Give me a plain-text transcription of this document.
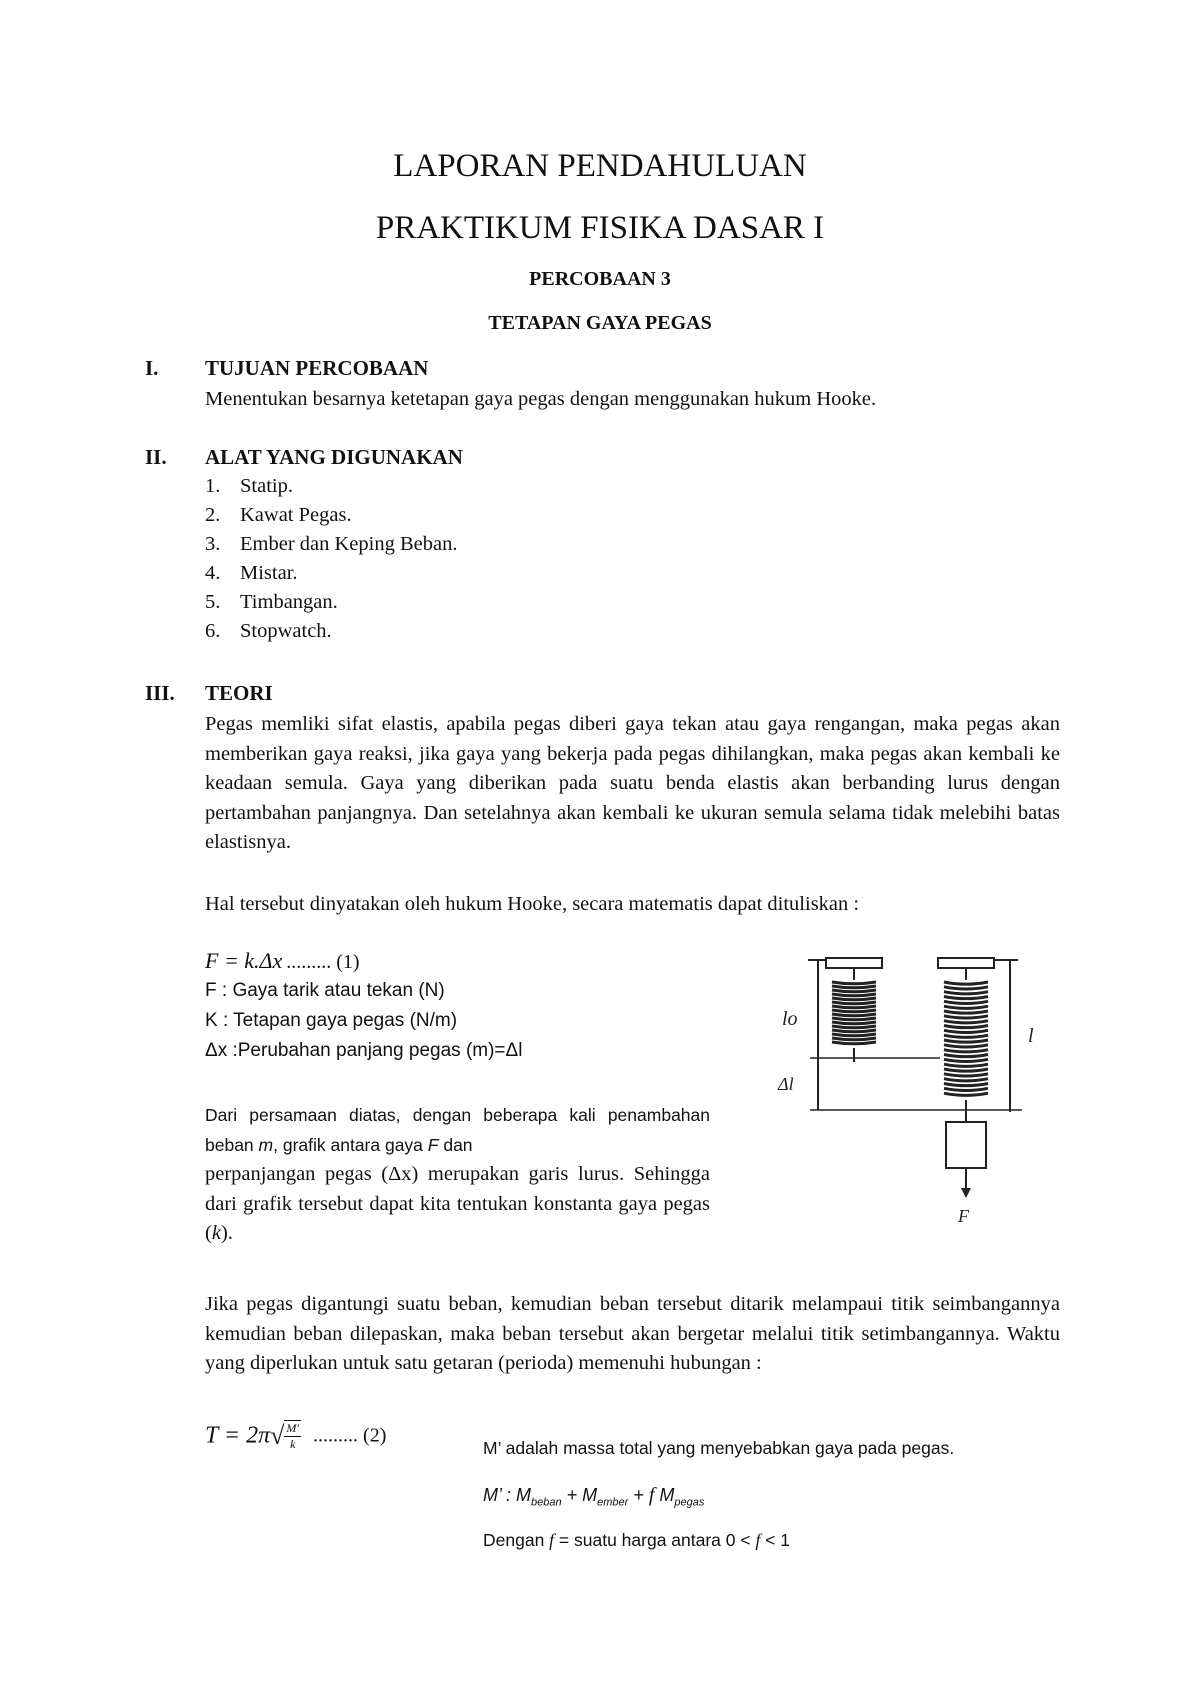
LAPORAN PENDAHULUAN
PRAKTIKUM FISIKA DASAR I
PERCOBAAN 3
TETAPAN GAYA PEGAS
I. TUJUAN PERCOBAAN
Menentukan besarnya ketetapan gaya pegas dengan menggunakan hukum Hooke.
II. ALAT YANG DIGUNAKAN
1. Statip.
2. Kawat Pegas.
3. Ember dan Keping Beban.
4. Mistar.
5. Timbangan.
6. Stopwatch.
III. TEORI
Pegas memliki sifat elastis, apabila pegas diberi gaya tekan atau gaya rengangan, maka pegas akan memberikan gaya reaksi, jika gaya yang bekerja pada pegas dihilangkan, maka pegas akan kembali ke keadaan semula. Gaya yang diberikan pada suatu benda elastis akan berbanding lurus dengan pertambahan panjangnya. Dan setelahnya akan kembali ke ukuran semula selama tidak melebihi batas elastisnya.
Hal tersebut dinyatakan oleh hukum Hooke, secara matematis dapat dituliskan :
F = k.Δx ......... (1)
F : Gaya tarik atau tekan (N)
K : Tetapan gaya pegas (N/m)
Δx :Perubahan panjang pegas (m)=Δl
Dari persamaan diatas, dengan beberapa kali penambahan beban m, grafik antara gaya F dan
perpanjangan pegas (Δx) merupakan garis lurus. Sehingga dari grafik tersebut dapat kita tentukan konstanta gaya pegas (k).
lo
l
Δl
F
Jika pegas digantungi suatu beban, kemudian beban tersebut ditarik melampaui titik seimbangannya kemudian beban dilepaskan, maka beban tersebut akan bergetar melalui titik setimbangannya. Waktu yang diperlukan untuk satu getaran (perioda) memenuhi hubungan :
$T = 2\pi√ \frac{M'}{k}$ ......... (2)
M’ adalah massa total yang menyebabkan gaya pada pegas.
M’ : $M_{beban} + M_{ember} + f$ $M_{pegas}$
Dengan f = suatu harga antara 0 < f < 1
